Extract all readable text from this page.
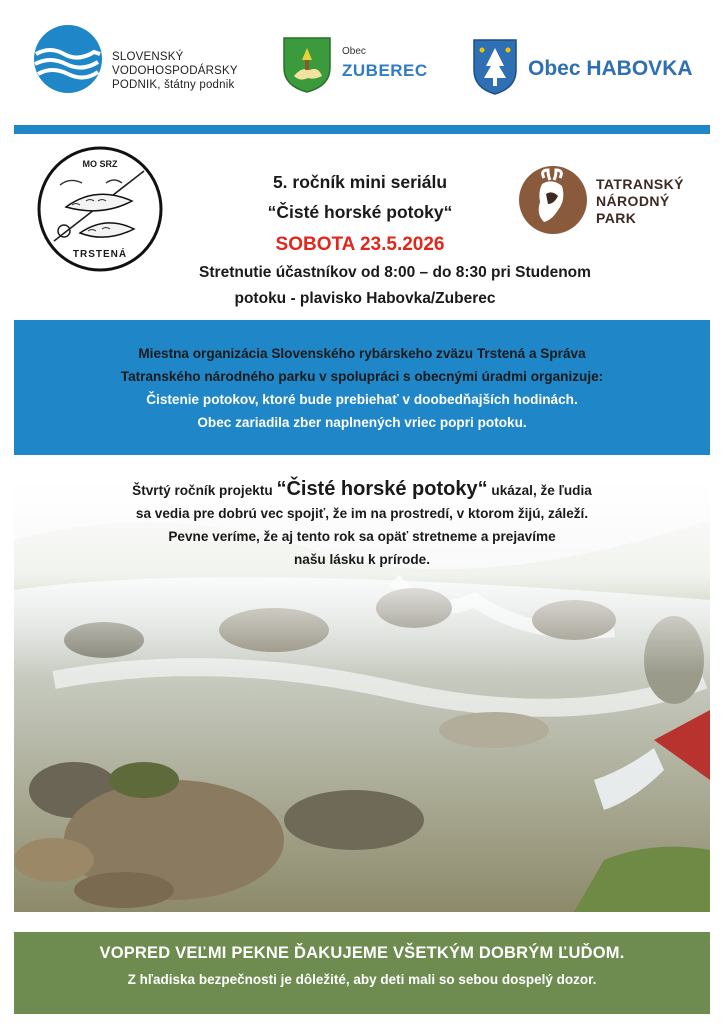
SLOVENSKÝ
VODOHOSPODÁRSKY
PODNIK, štátny podnik
Obec
ZUBEREC	Obec HABOVKA
MO SRZ
TRSTENÁ
5. ročník mini seriálu
“Čisté horské potoky“
SOBOTA 23.5.2026
Stretnutie účastníkov od 8:00 – do 8:30 pri Studenom
potoku - plavisko Habovka/Zuberec
TATRANSKÝ
NÁRODNÝ
PARK

Miestna organizácia Slovenského rybárskeho zväzu Trstená a Správa

Tatranského národného parku v spolupráci s obecnými úradmi organizuje:

Čistenie potokov, ktoré bude prebiehať v doobedňajších hodinách.

Obec zariadila zber naplnených vriec popri potoku.

Štvrtý ročník projektu “Čisté horské potoky“ ukázal, že ľudia
sa vedia pre dobrú vec spojiť, že im na prostredí, v ktorom žijú, záleží.
Pevne veríme, že aj tento rok sa opäť stretneme a prejavíme
našu lásku k prírode.
VOPRED VEĽMI PEKNE ĎAKUJEME VŠETKÝM DOBRÝM ĽUĎOM.
Z hľadiska bezpečnosti je dôležité, aby deti mali so sebou dospelý dozor.
